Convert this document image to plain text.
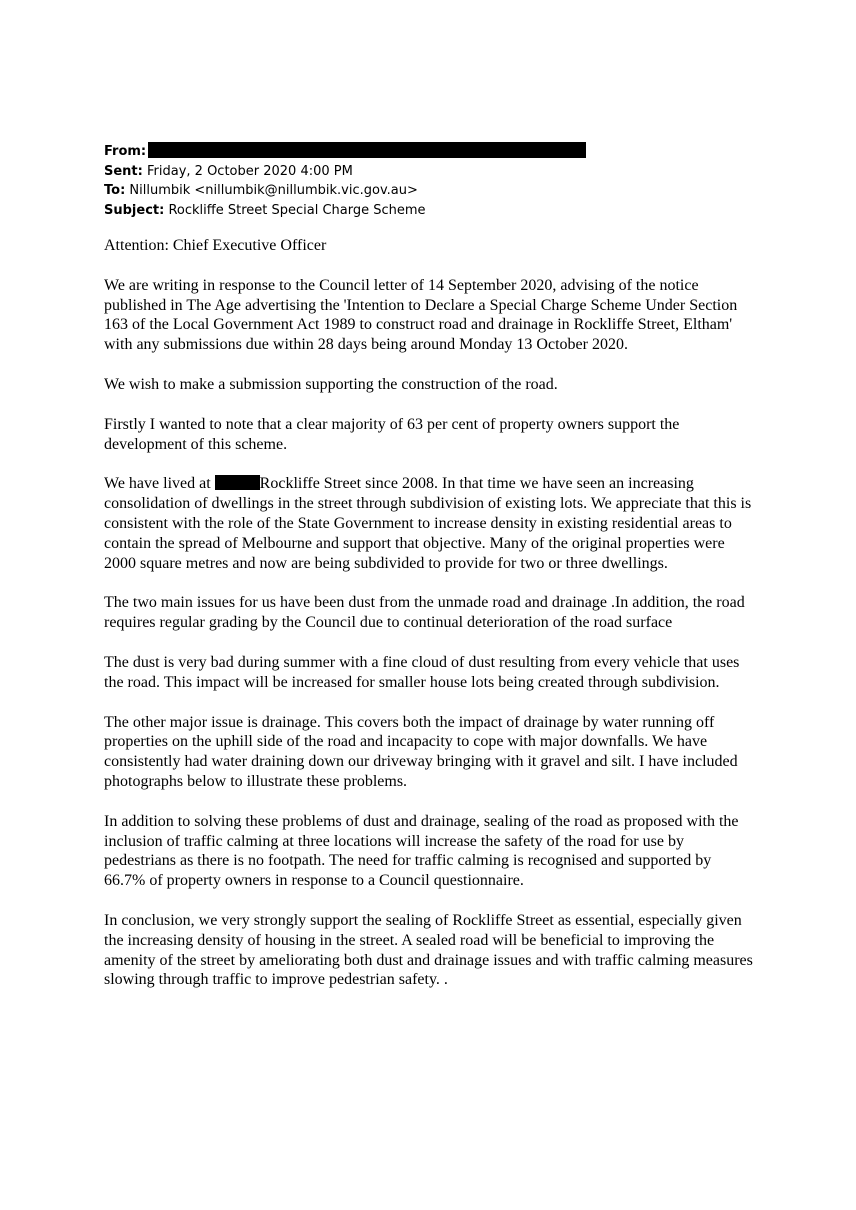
From:
Sent: Friday, 2 October 2020 4:00 PM
To: Nillumbik <nillumbik@nillumbik.vic.gov.au>
Subject: Rockliffe Street Special Charge Scheme

Attention: Chief Executive Officer

We are writing in response to the Council letter of 14 September 2020, advising of the notice published in The Age advertising the 'Intention to Declare a Special Charge Scheme Under Section 163 of the Local Government Act 1989 to construct road and drainage in Rockliffe Street, Eltham' with any submissions due within 28 days being around Monday 13 October 2020.

We wish to make a submission supporting the construction of the road.

Firstly I wanted to note that a clear majority of 63 per cent of property owners support the development of this scheme.

We have lived at	Rockliffe Street since 2008. In that time we have seen an increasing consolidation of dwellings in the street through subdivision of existing lots. We appreciate that this is consistent with the role of the State Government to increase density in existing residential areas to contain the spread of Melbourne and support that objective. Many of the original properties were 2000 square metres and now are being subdivided to provide for two or three dwellings.

The two main issues for us have been dust from the unmade road and drainage .In addition, the road requires regular grading by the Council due to continual deterioration of the road surface

The dust is very bad during summer with a fine cloud of dust resulting from every vehicle that uses the road. This impact will be increased for smaller house lots being created through subdivision.

The other major issue is drainage. This covers both the impact of drainage by water running off properties on the uphill side of the road and incapacity to cope with major downfalls. We have consistently had water draining down our driveway bringing with it gravel and silt. I have included photographs below to illustrate these problems.

In addition to solving these problems of dust and drainage, sealing of the road as proposed with the inclusion of traffic calming at three locations will increase the safety of the road for use by pedestrians as there is no footpath. The need for traffic calming is recognised and supported by 66.7% of property owners in response to a Council questionnaire.

In conclusion, we very strongly support the sealing of Rockliffe Street as essential, especially given the increasing density of housing in the street. A sealed road will be beneficial to improving the amenity of the street by ameliorating both dust and drainage issues and with traffic calming measures slowing through traffic to improve pedestrian safety. .
